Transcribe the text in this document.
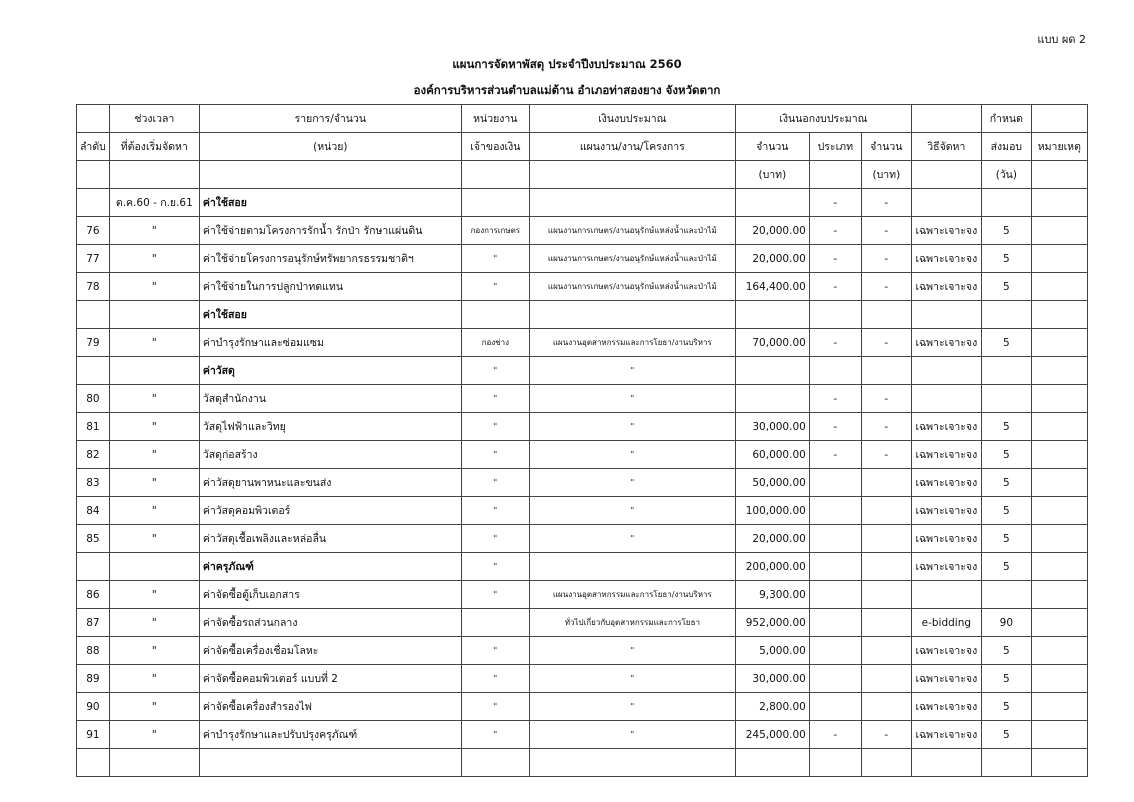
แบบ ผด 2
แผนการจัดหาพัสดุ ประจำปีงบประมาณ 2560
องค์การบริหารส่วนตำบลแม่ต้าน อำเภอท่าสองยาง จังหวัดตาก
	ช่วงเวลา	รายการ/จำนวน	หน่วยงาน	เงินงบประมาณ	เงินนอกงบประมาณ				กำหนด	
ลำดับ	ที่ต้องเริ่มจัดหา	(หน่วย)	เจ้าของเงิน	แผนงาน/งาน/โครงการ	จำนวน	ประเภท	จำนวน	วิธีจัดหา	ส่งมอบ	หมายเหตุ
					(บาท)		(บาท)		(วัน)	
	ต.ค.60 - ก.ย.61	ค่าใช้สอย				-	-			
76	"	ค่าใช้จ่ายตามโครงการรักน้ำ รักป่า รักษาแผ่นดิน	กองการเกษตร	แผนงานการเกษตร/งานอนุรักษ์แหล่งน้ำและป่าไม้	20,000.00	-	-	เฉพาะเจาะจง	5	
77	"	ค่าใช้จ่ายโครงการอนุรักษ์ทรัพยากรธรรมชาติฯ	"	แผนงานการเกษตร/งานอนุรักษ์แหล่งน้ำและป่าไม้	20,000.00	-	-	เฉพาะเจาะจง	5	
78	"	ค่าใช้จ่ายในการปลูกป่าทดแทน	"	แผนงานการเกษตร/งานอนุรักษ์แหล่งน้ำและป่าไม้	164,400.00	-	-	เฉพาะเจาะจง	5	
		ค่าใช้สอย								
79	"	ค่าบำรุงรักษาและซ่อมแซม	กองช่าง	แผนงานอุตสาหกรรมและการโยธา/งานบริหาร	70,000.00	-	-	เฉพาะเจาะจง	5	
		ค่าวัสดุ	"	"						
80	"	วัสดุสำนักงาน	"	"		-	-			
81	"	วัสดุไฟฟ้าและวิทยุ	"	"	30,000.00	-	-	เฉพาะเจาะจง	5	
82	"	วัสดุก่อสร้าง	"	"	60,000.00	-	-	เฉพาะเจาะจง	5	
83	"	ค่าวัสดุยานพาหนะและขนส่ง	"	"	50,000.00			เฉพาะเจาะจง	5	
84	"	ค่าวัสดุคอมพิวเตอร์	"	"	100,000.00			เฉพาะเจาะจง	5	
85	"	ค่าวัสดุเชื้อเพลิงและหล่อลื่น	"	"	20,000.00			เฉพาะเจาะจง	5	
		ค่าครุภัณฑ์	"		200,000.00			เฉพาะเจาะจง	5	
86	"	ค่าจัดซื้อตู้เก็บเอกสาร	"	แผนงานอุตสาหกรรมและการโยธา/งานบริหาร	9,300.00					
87	"	ค่าจัดซื้อรถส่วนกลาง		ทั่วไปเกี่ยวกับอุตสาหกรรมและการโยธา	952,000.00			e-bidding	90	
88	"	ค่าจัดซื้อเครื่องเชื่อมโลหะ	"	"	5,000.00			เฉพาะเจาะจง	5	
89	"	ค่าจัดซื้อคอมพิวเตอร์ แบบที่ 2	"	"	30,000.00			เฉพาะเจาะจง	5	
90	"	ค่าจัดซื้อเครื่องสำรองไฟ	"	"	2,800.00			เฉพาะเจาะจง	5	
91	"	ค่าบำรุงรักษาและปรับปรุงครุภัณฑ์	"	"	245,000.00	-	-	เฉพาะเจาะจง	5	
